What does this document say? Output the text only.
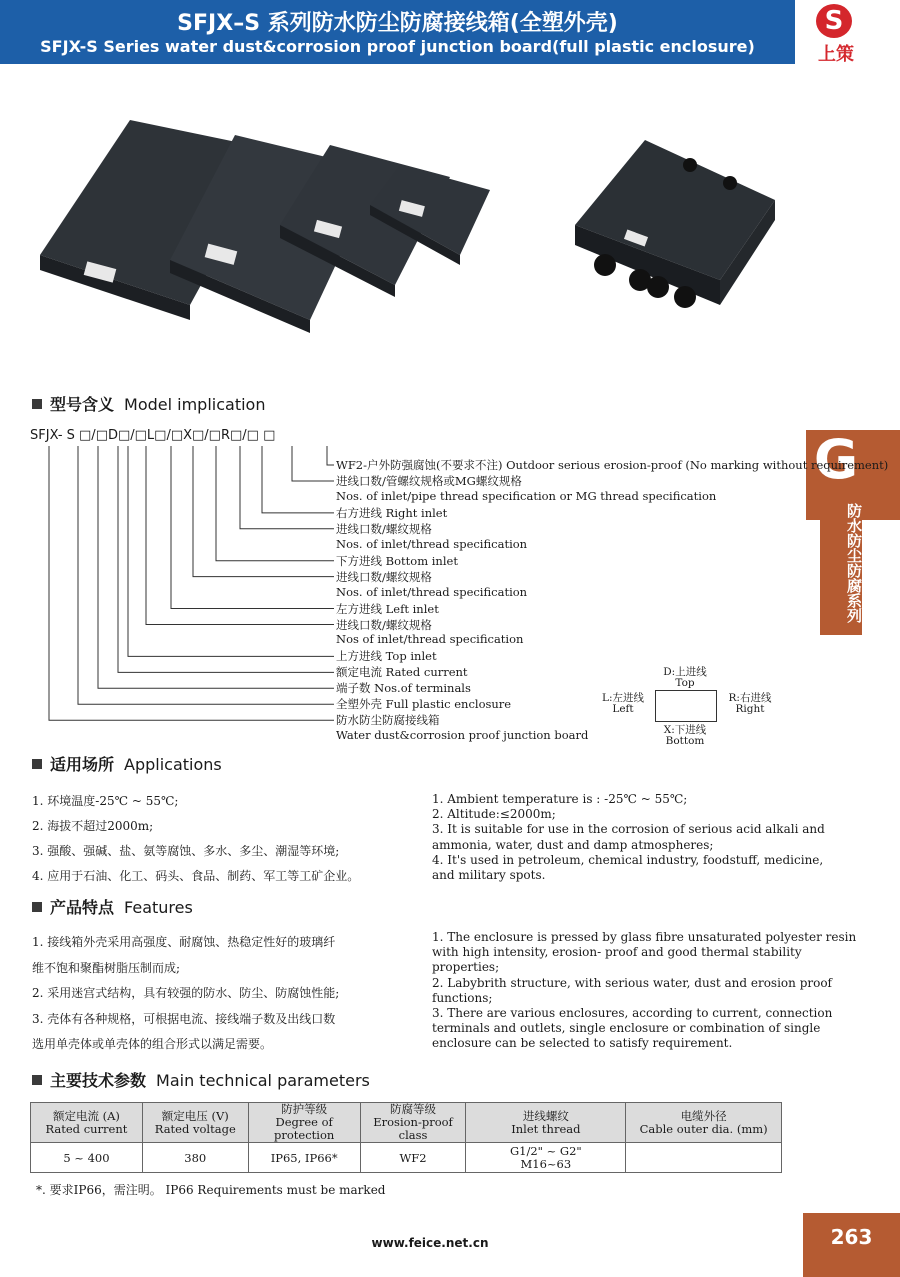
SFJX–S 系列防水防尘防腐接线箱(全塑外壳)
SFJX-S Series water dust&corrosion proof junction board(full plastic enclosure)
S
上策
型号含义 Model implication
G
防水防尘防腐系列
SFJX- S □/□D□/□L□/□X□/□R□/□ □
WF2-户外防强腐蚀(不要求不注) Outdoor serious erosion-proof (No marking without requirement)
进线口数/管螺纹规格或MG螺纹规格
Nos. of inlet/pipe thread specification or MG thread specification
右方进线 Right inlet
进线口数/螺纹规格
Nos. of inlet/thread specification
下方进线 Bottom inlet
进线口数/螺纹规格
Nos. of inlet/thread specification
左方进线 Left inlet
进线口数/螺纹规格
Nos of inlet/thread specification
上方进线 Top inlet
额定电流 Rated current
端子数 Nos.of terminals
全塑外壳 Full plastic enclosure
防水防尘防腐接线箱
Water dust&corrosion proof junction board
D:上进线
Top
L:左进线
Left
R:右进线
Right
X:下进线
Bottom
适用场所 Applications
1. 环境温度-25℃ ~ 55℃;
2. 海拔不超过2000m;
3. 强酸、强碱、盐、氨等腐蚀、多水、多尘、潮湿等环境;
4. 应用于石油、化工、码头、食品、制药、军工等工矿企业。
1. Ambient temperature is : -25℃ ~ 55℃;
2. Altitude:≤2000m;
3. It is suitable for use in the corrosion of serious acid alkali and
ammonia, water, dust and damp atmospheres;
4. It's used in petroleum, chemical industry, foodstuff, medicine,
and military spots.
产品特点 Features
1. 接线箱外壳采用高强度、耐腐蚀、热稳定性好的玻璃纤
维不饱和聚酯树脂压制而成;
2. 采用迷宫式结构，具有较强的防水、防尘、防腐蚀性能;
3. 壳体有各种规格，可根据电流、接线端子数及出线口数
选用单壳体或单壳体的组合形式以满足需要。
1. The enclosure is pressed by glass fibre unsaturated polyester resin
with high intensity, erosion- proof and good thermal stability
properties;
2. Labybrith structure, with serious water, dust and erosion proof
functions;
3. There are various enclosures, according to current, connection
terminals and outlets, single enclosure or combination of single
enclosure can be selected to satisfy requirement.
主要技术参数 Main technical parameters
额定电流 (A)
Rated current	额定电压 (V)
Rated voltage	防护等级
Degree of protection	防腐等级
Erosion-proof class	进线螺纹
Inlet thread	电缆外径
Cable outer dia. (mm)

5 ~ 400	380	IP65, IP66*	WF2	G1/2" ~ G2"
M16~63	

*. 要求IP66，需注明。 IP66 Requirements must be marked
www.feice.net.cn	263
